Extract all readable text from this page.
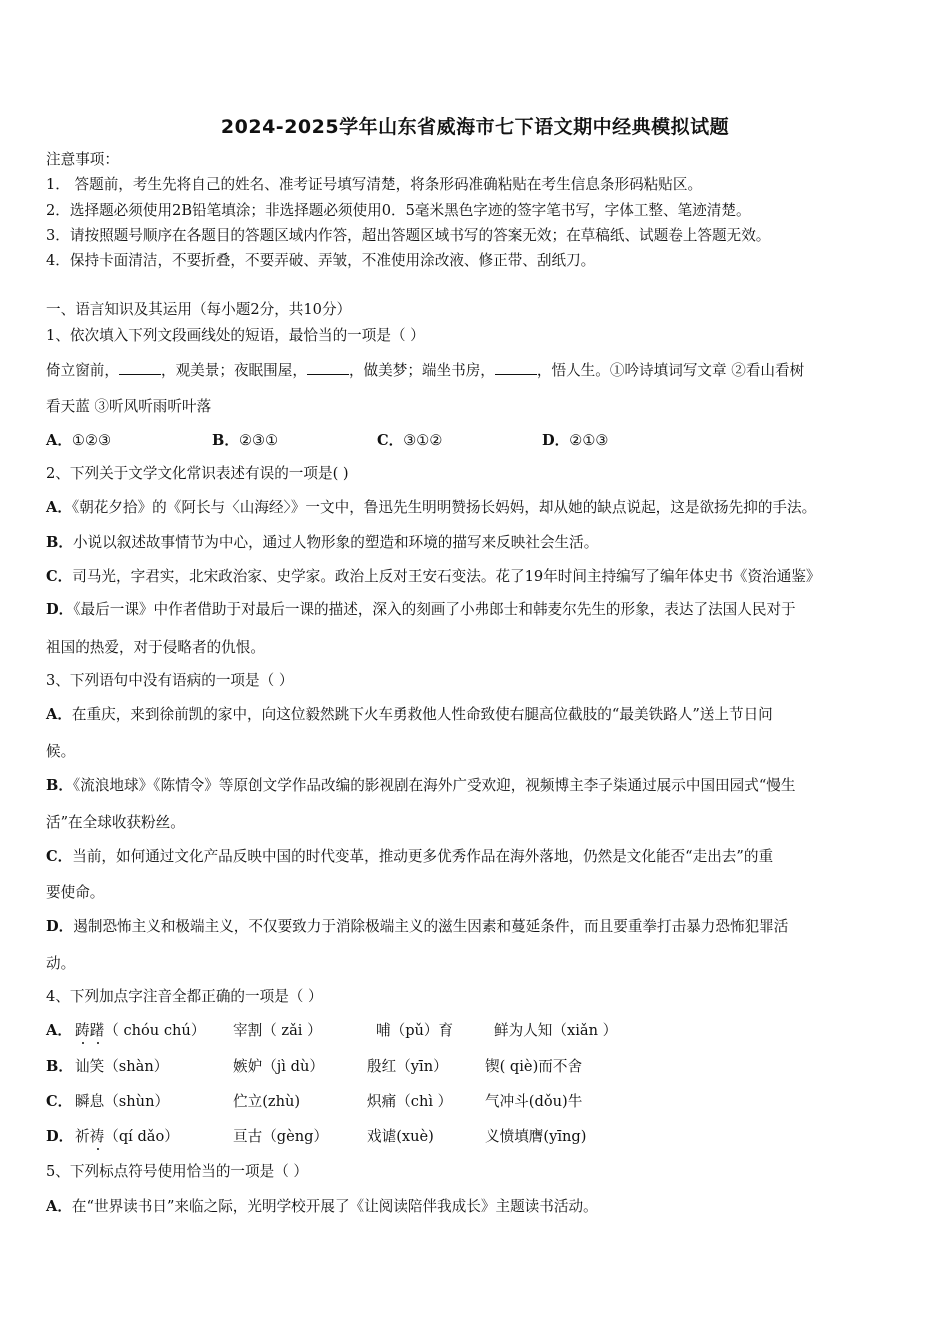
2024-2025学年山东省威海市七下语文期中经典模拟试题
注意事项：
1． 答题前，考生先将自己的姓名、准考证号填写清楚，将条形码准确粘贴在考生信息条形码粘贴区。
2．选择题必须使用2B铅笔填涂；非选择题必须使用0．5毫米黑色字迹的签字笔书写，字体工整、笔迹清楚。
3．请按照题号顺序在各题目的答题区域内作答，超出答题区域书写的答案无效；在草稿纸、试题卷上答题无效。
4．保持卡面清洁，不要折叠，不要弄破、弄皱，不准使用涂改液、修正带、刮纸刀。
一、语言知识及其运用（每小题2分，共10分）
1、依次填入下列文段画线处的短语，最恰当的一项是（ ）
倚立窗前，	，观美景；夜眠围屋，	，做美梦；端坐书房，	，悟人生。①吟诗填词写文章 ②看山看树
看天蓝 ③听风听雨听叶落
A．①②③	B．②③①	C．③①②	D．②①③
2、下列关于文学文化常识表述有误的一项是( )
A．《朝花夕拾》的《阿长与〈山海经〉》一文中，鲁迅先生明明赞扬长妈妈，却从她的缺点说起，这是欲扬先抑的手法。
B．小说以叙述故事情节为中心，通过人物形象的塑造和环境的描写来反映社会生活。
C．司马光，字君实，北宋政治家、史学家。政治上反对王安石变法。花了19年时间主持编写了编年体史书《资治通鉴》
D．《最后一课》中作者借助于对最后一课的描述，深入的刻画了小弗郎士和韩麦尔先生的形象，表达了法国人民对于
祖国的热爱，对于侵略者的仇恨。
3、下列语句中没有语病的一项是（ ）
A．在重庆，来到徐前凯的家中，向这位毅然跳下火车勇救他人性命致使右腿高位截肢的“最美铁路人”送上节日问
候。
B．《流浪地球》《陈情令》等原创文学作品改编的影视剧在海外广受欢迎，视频博主李子柒通过展示中国田园式“慢生
活”在全球收获粉丝。
C．当前，如何通过文化产品反映中国的时代变革，推动更多优秀作品在海外落地，仍然是文化能否“走出去”的重
要使命。
D．遏制恐怖主义和极端主义，不仅要致力于消除极端主义的滋生因素和蔓延条件，而且要重拳打击暴力恐怖犯罪活
动。
4、下列加点字注音全都正确的一项是（ ）
A． 踌躇（ chóu chú） 宰割（ zǎi ）	哺（pǔ）育	鲜为人知（xiǎn ）
B． 讪笑（shàn）	嫉妒（jì dù）	殷红（yīn）	锲( qiè)而不舍
C． 瞬息（shùn）	伫立(zhù)	炽痛（chì ） 气冲斗(dǒu)牛
D． 祈祷（qí dǎo）	亘古（gèng）	戏谑(xuè)	义愤填膺(yīng)
5、下列标点符号使用恰当的一项是（ ）
A．在“世界读书日”来临之际，光明学校开展了《让阅读陪伴我成长》主题读书活动。
